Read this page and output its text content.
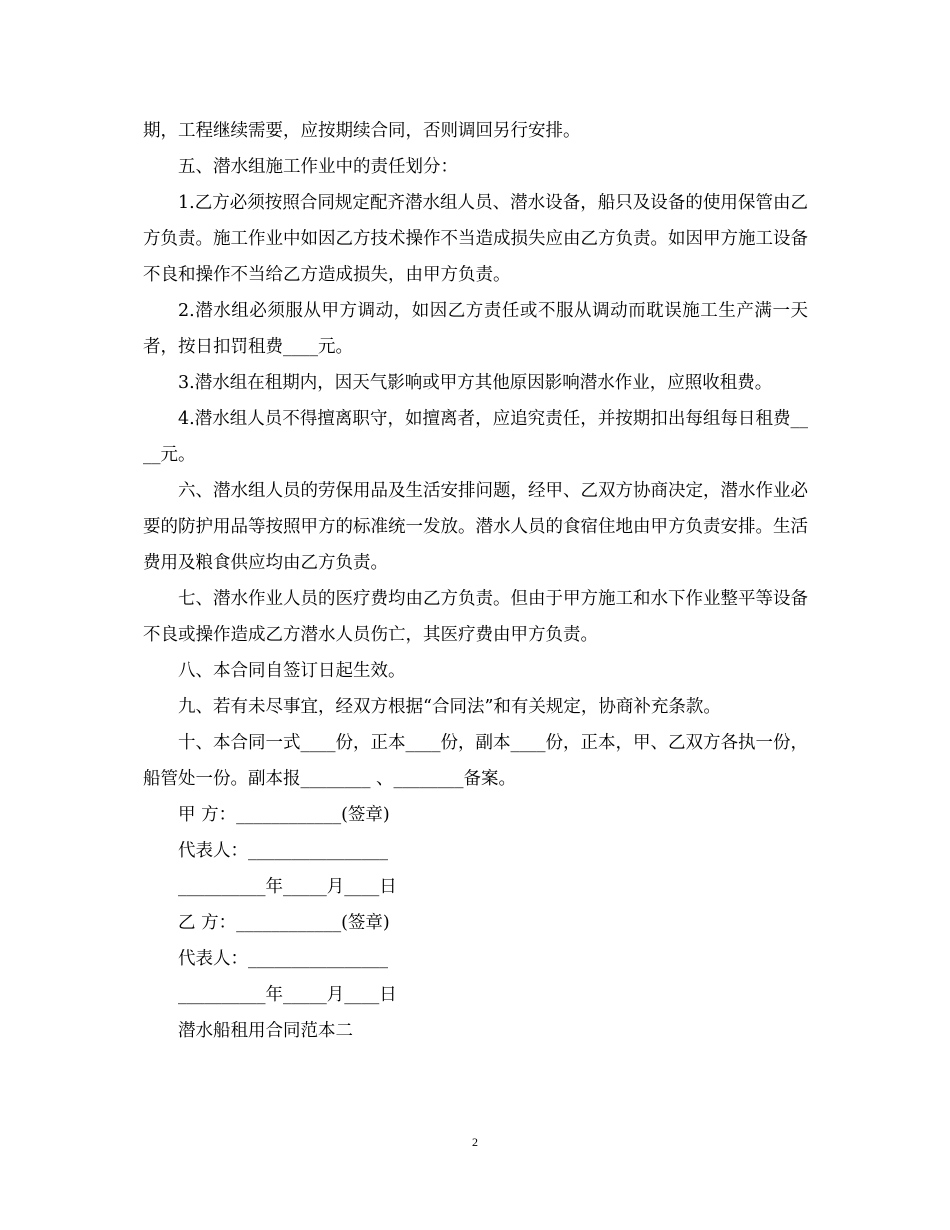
期，工程继续需要，应按期续合同，否则调回另行安排。

五、潜水组施工作业中的责任划分：

1.乙方必须按照合同规定配齐潜水组人员、潜水设备，船只及设备的使用保管由乙方负责。施工作业中如因乙方技术操作不当造成损失应由乙方负责。如因甲方施工设备不良和操作不当给乙方造成损失，由甲方负责。

2.潜水组必须服从甲方调动，如因乙方责任或不服从调动而耽误施工生产满一天者，按日扣罚租费____元。

3.潜水组在租期内，因天气影响或甲方其他原因影响潜水作业，应照收租费。

4.潜水组人员不得擅离职守，如擅离者，应追究责任，并按期扣出每组每日租费____元。

六、潜水组人员的劳保用品及生活安排问题，经甲、乙双方协商决定，潜水作业必要的防护用品等按照甲方的标准统一发放。潜水人员的食宿住地由甲方负责安排。生活费用及粮食供应均由乙方负责。

七、潜水作业人员的医疗费均由乙方负责。但由于甲方施工和水下作业整平等设备不良或操作造成乙方潜水人员伤亡，其医疗费由甲方负责。

八、本合同自签订日起生效。

九、若有未尽事宜，经双方根据“合同法”和有关规定，协商补充条款。

十、本合同一式____份，正本____份，副本____份，正本，甲、乙双方各执一份，船管处一份。副本报________ 、________备案。

甲 方：____________(签章)

代表人：________________

__________年_____月____日

乙 方：____________(签章)

代表人：________________

__________年_____月____日

潜水船租用合同范本二

2
